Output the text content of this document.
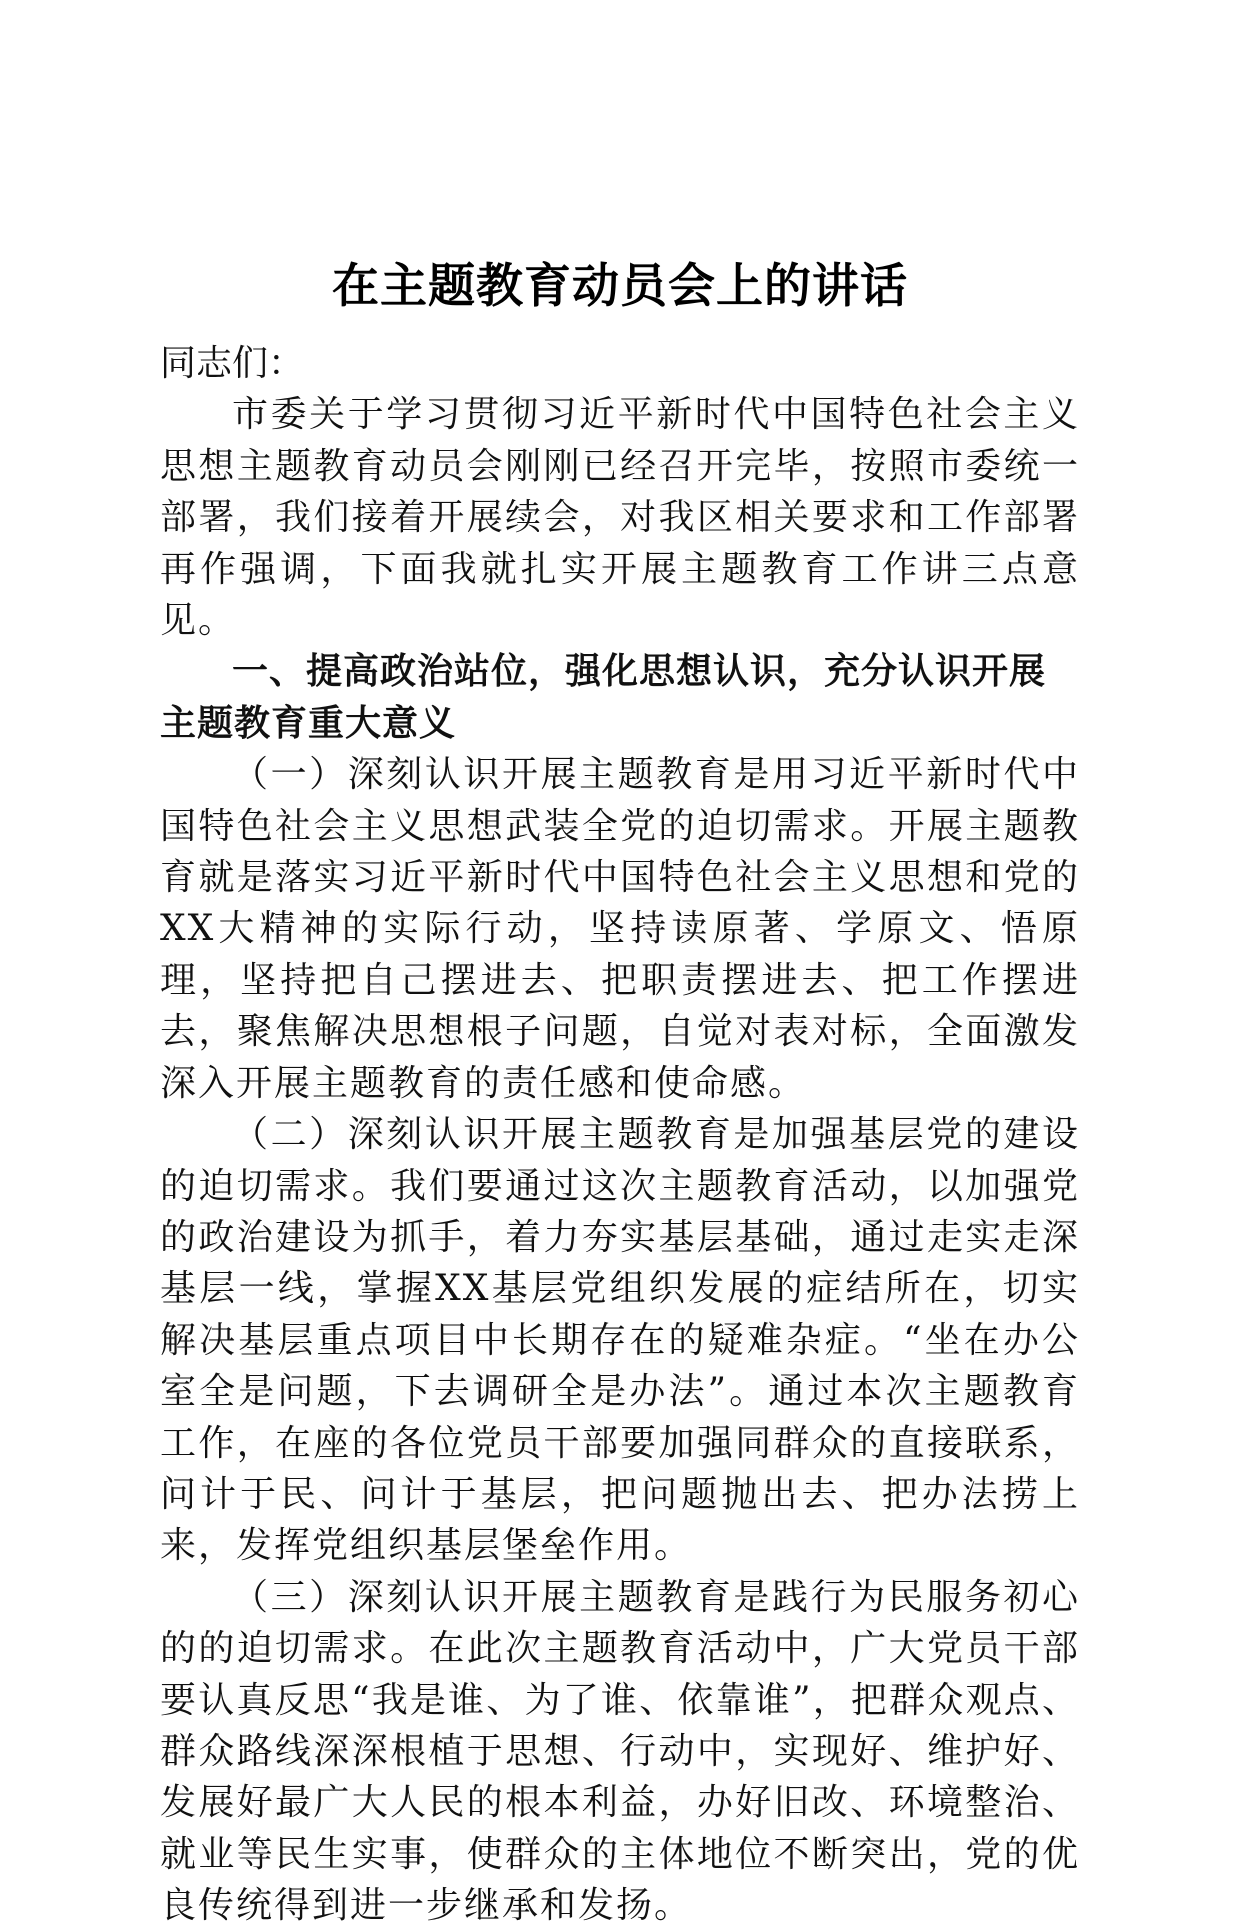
在主题教育动员会上的讲话

同志们：

市委关于学习贯彻习近平新时代中国特色社会主义思想主题教育动员会刚刚已经召开完毕，按照市委统一部署，我们接着开展续会，对我区相关要求和工作部署再作强调，下面我就扎实开展主题教育工作讲三点意见。

一、提高政治站位，强化思想认识，充分认识开展主题教育重大意义

（一）深刻认识开展主题教育是用习近平新时代中国特色社会主义思想武装全党的迫切需求。开展主题教育就是落实习近平新时代中国特色社会主义思想和党的XX大精神的实际行动，坚持读原著、学原文、悟原理，坚持把自己摆进去、把职责摆进去、把工作摆进去，聚焦解决思想根子问题，自觉对表对标，全面激发深入开展主题教育的责任感和使命感。

（二）深刻认识开展主题教育是加强基层党的建设的迫切需求。我们要通过这次主题教育活动，以加强党的政治建设为抓手，着力夯实基层基础，通过走实走深基层一线，掌握XX基层党组织发展的症结所在，切实解决基层重点项目中长期存在的疑难杂症。“坐在办公室全是问题，下去调研全是办法”。通过本次主题教育工作，在座的各位党员干部要加强同群众的直接联系，问计于民、问计于基层，把问题抛出去、把办法捞上来，发挥党组织基层堡垒作用。

（三）深刻认识开展主题教育是践行为民服务初心的的迫切需求。在此次主题教育活动中，广大党员干部要认真反思“我是谁、为了谁、依靠谁”，把群众观点、群众路线深深根植于思想、行动中，实现好、维护好、发展好最广大人民的根本利益，办好旧改、环境整治、就业等民生实事，使群众的主体地位不断突出，党的优良传统得到进一步继承和发扬。
